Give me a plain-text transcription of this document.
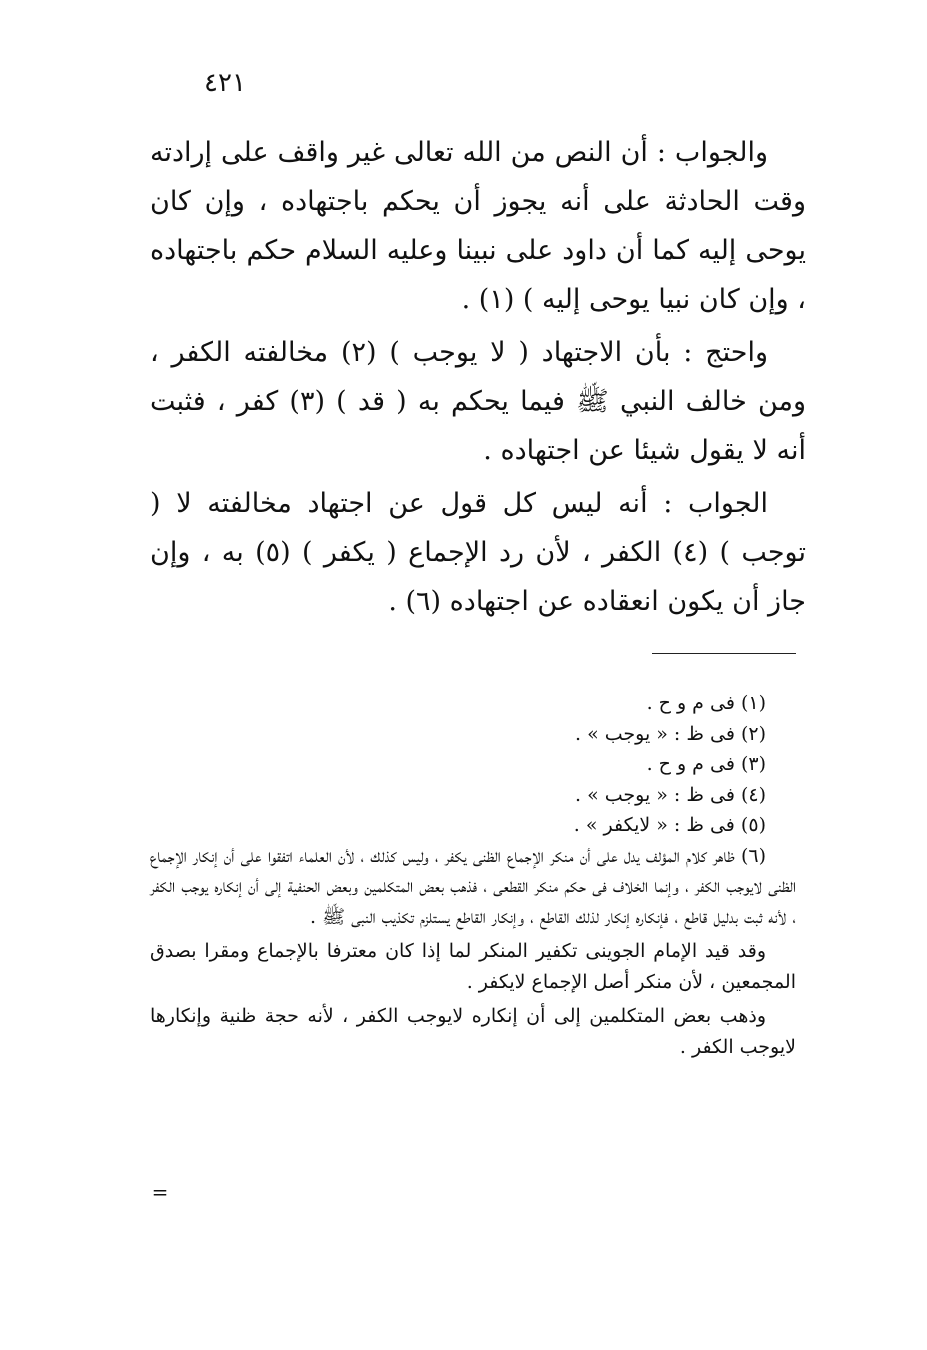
٤٢١

والجواب : أن النص من الله تعالى غير واقف على إرادته وقت الحادثة على أنه يجوز أن يحكم باجتهاده ، وإن كان يوحى إليه كما أن داود على نبينا وعليه السلام حكم باجتهاده ، وإن كان نبيا يوحى إليه ) (١) .

واحتج : بأن الاجتهاد ( لا يوجب ) (٢) مخالفته الكفر ، ومن خالف النبي ﷺ فيما يحكم به ( قد ) (٣) كفر ، فثبت أنه لا يقول شيئا عن اجتهاده .

الجواب : أنه ليس كل قول عن اجتهاد مخالفته لا ( توجب ) (٤) الكفر ، لأن رد الإجماع ( يكفر ) (٥) به ، وإن جاز أن يكون انعقاده عن اجتهاده (٦) .

(١) فى م و ح .

(٢) فى ظ : « يوجب » .

(٣) فى م و ح .

(٤) فى ظ : « يوجب » .

(٥) فى ظ : « لايكفر » .

(٦) ظاهر كلام المؤلف يدل على أن منكر الإجماع الظنى يكفر ، وليس كذلك ، لأن العلماء اتفقوا على أن إنكار الإجماع الظنى لايوجب الكفر ، وإنما الخلاف فى حكم منكر القطعى ، فذهب بعض المتكلمين وبعض الحنفية إلى أن إنكاره يوجب الكفر ، لأنه ثبت بدليل قاطع ، فإنكاره إنكار لذلك القاطع ، وإنكار القاطع يستلزم تكذيب النبى ﷺ .

وقد قيد الإمام الجوينى تكفير المنكر لما إذا كان معترفا بالإجماع ومقرا بصدق المجمعين ، لأن منكر أصل الإجماع لايكفر .

وذهب بعض المتكلمين إلى أن إنكاره لايوجب الكفر ، لأنه حجة ظنية وإنكارها لايوجب الكفر .

=
